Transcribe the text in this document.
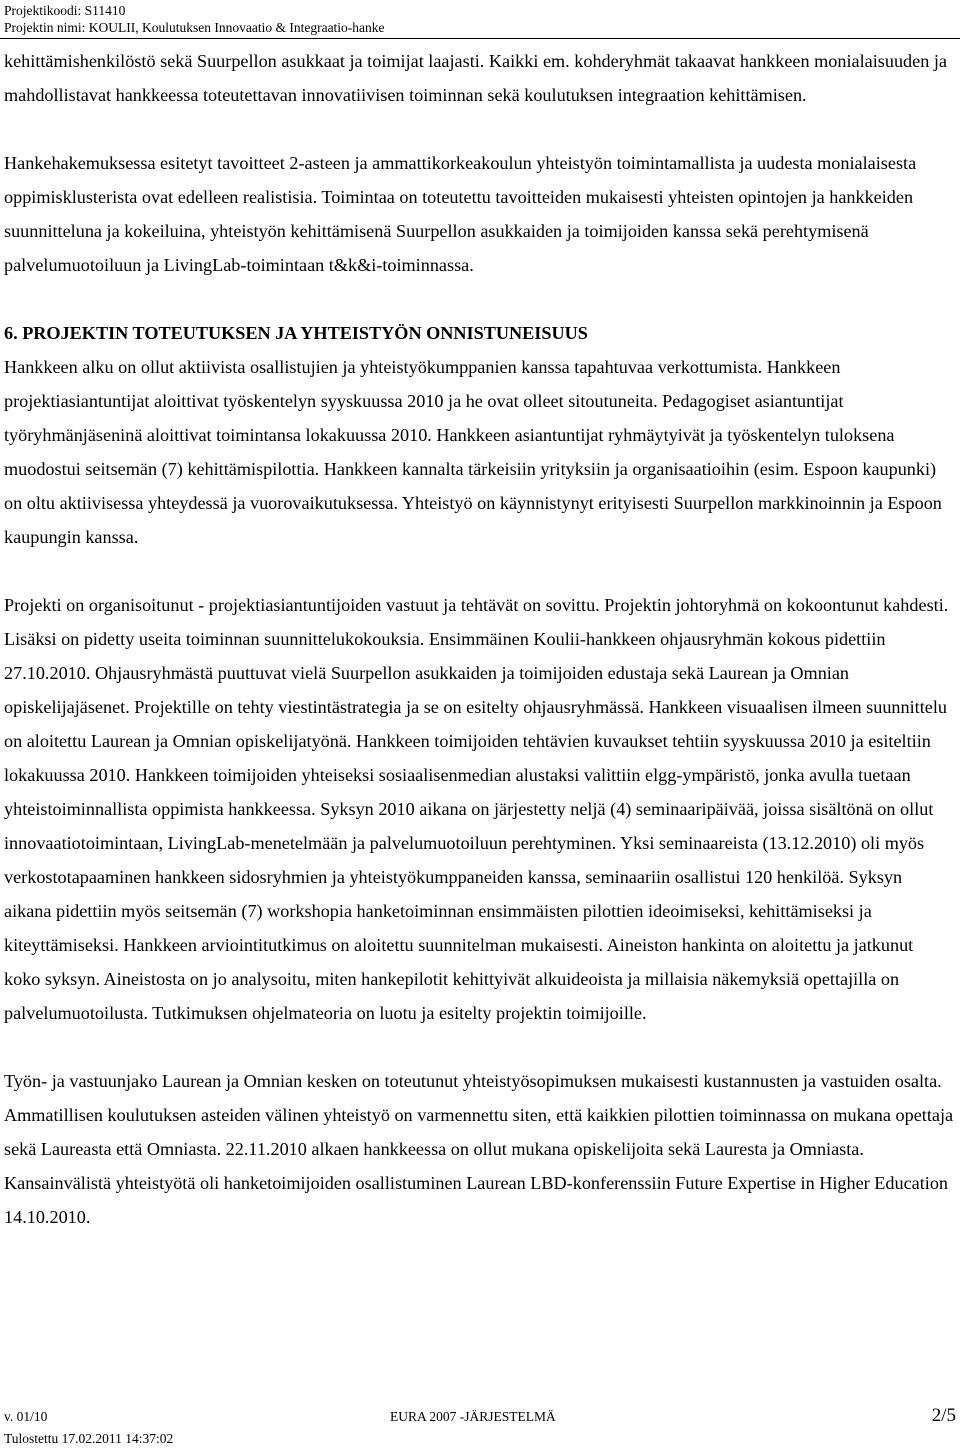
Projektikoodi: S11410
Projektin nimi: KOULII, Koulutuksen Innovaatio & Integraatio-hanke

kehittämishenkilöstö sekä Suurpellon asukkaat ja toimijat laajasti. Kaikki em. kohderyhmät takaavat hankkeen monialaisuuden ja mahdollistavat hankkeessa toteutettavan innovatiivisen toiminnan sekä koulutuksen integraation kehittämisen.

Hankehakemuksessa esitetyt tavoitteet 2-asteen ja ammattikorkeakoulun yhteistyön toimintamallista ja uudesta monialaisesta oppimisklusterista ovat edelleen realistisia. Toimintaa on toteutettu tavoitteiden mukaisesti yhteisten opintojen ja hankkeiden suunnitteluna ja kokeiluina, yhteistyön kehittämisenä Suurpellon asukkaiden ja toimijoiden kanssa sekä perehtymisenä palvelumuotoiluun ja LivingLab-toimintaan t&k&i-toiminnassa.

6. PROJEKTIN TOTEUTUKSEN JA YHTEISTYÖN ONNISTUNEISUUS

Hankkeen alku on ollut aktiivista osallistujien ja yhteistyökumppanien kanssa tapahtuvaa verkottumista. Hankkeen projektiasiantuntijat aloittivat työskentelyn syyskuussa 2010 ja he ovat olleet sitoutuneita. Pedagogiset asiantuntijat työryhmänjäseninä aloittivat toimintansa lokakuussa 2010. Hankkeen asiantuntijat ryhmäytyivät ja työskentelyn tuloksena muodostui seitsemän (7) kehittämispilottia. Hankkeen kannalta tärkeisiin yrityksiin ja organisaatioihin (esim. Espoon kaupunki) on oltu aktiivisessa yhteydessä ja vuorovaikutuksessa. Yhteistyö on käynnistynyt erityisesti Suurpellon markkinoinnin ja Espoon kaupungin kanssa.

Projekti on organisoitunut - projektiasiantuntijoiden vastuut ja tehtävät on sovittu. Projektin johtoryhmä on kokoontunut kahdesti. Lisäksi on pidetty useita toiminnan suunnittelukokouksia. Ensimmäinen Koulii-hankkeen ohjausryhmän kokous pidettiin 27.10.2010. Ohjausryhmästä puuttuvat vielä Suurpellon asukkaiden ja toimijoiden edustaja sekä Laurean ja Omnian opiskelijajäsenet. Projektille on tehty viestintästrategia ja se on esitelty ohjausryhmässä. Hankkeen visuaalisen ilmeen suunnittelu on aloitettu Laurean ja Omnian opiskelijatyönä. Hankkeen toimijoiden tehtävien kuvaukset tehtiin syyskuussa 2010 ja esiteltiin lokakuussa 2010. Hankkeen toimijoiden yhteiseksi sosiaalisenmedian alustaksi valittiin elgg-ympäristö, jonka avulla tuetaan yhteistoiminnallista oppimista hankkeessa. Syksyn 2010 aikana on järjestetty neljä (4) seminaaripäivää, joissa sisältönä on ollut innovaatiotoimintaan, LivingLab-menetelmään ja palvelumuotoiluun perehtyminen. Yksi seminaareista (13.12.2010) oli myös verkostotapaaminen hankkeen sidosryhmien ja yhteistyökumppaneiden kanssa, seminaariin osallistui 120 henkilöä. Syksyn aikana pidettiin myös seitsemän (7) workshopia hanketoiminnan ensimmäisten pilottien ideoimiseksi, kehittämiseksi ja kiteyttämiseksi. Hankkeen arviointitutkimus on aloitettu suunnitelman mukaisesti. Aineiston hankinta on aloitettu ja jatkunut koko syksyn. Aineistosta on jo analysoitu, miten hankepilotit kehittyivät alkuideoista ja millaisia näkemyksiä opettajilla on palvelumuotoilusta. Tutkimuksen ohjelmateoria on luotu ja esitelty projektin toimijoille.

Työn- ja vastuunjako Laurean ja Omnian kesken on toteutunut yhteistyösopimuksen mukaisesti kustannusten ja vastuiden osalta. Ammatillisen koulutuksen asteiden välinen yhteistyö on varmennettu siten, että kaikkien pilottien toiminnassa on mukana opettaja sekä Laureasta että Omniasta. 22.11.2010 alkaen hankkeessa on ollut mukana opiskelijoita sekä Lauresta ja Omniasta. Kansainvälistä yhteistyötä oli hanketoimijoiden osallistuminen Laurean LBD-konferenssiin Future Expertise in Higher Education 14.10.2010.

v. 01/10
Tulostettu 17.02.2011 14:37:02
EURA 2007 -JÄRJESTELMÄ	2/5
